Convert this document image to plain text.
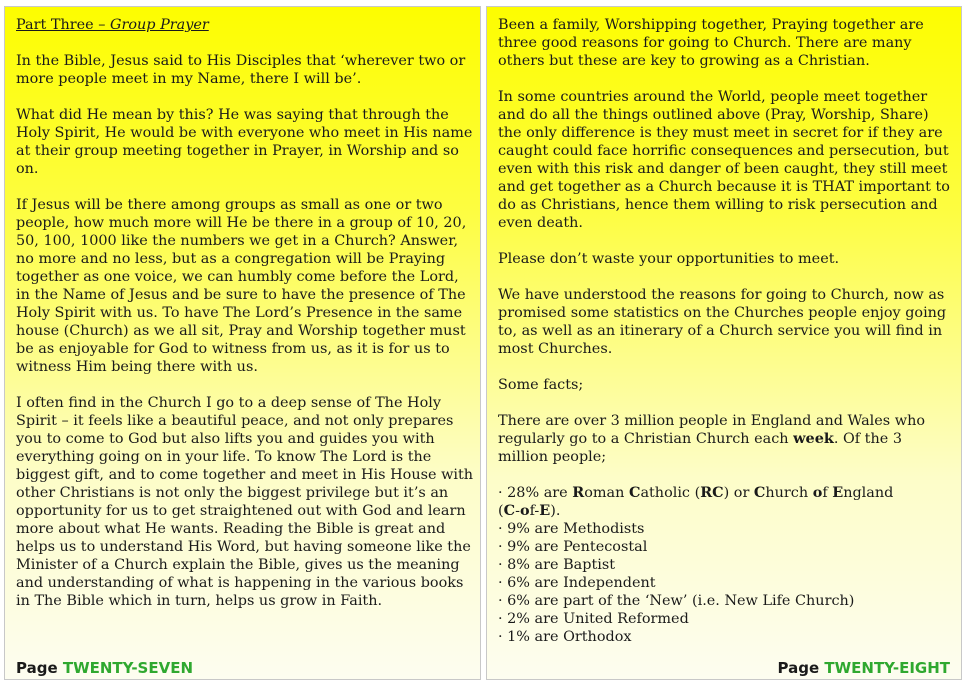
Part Three – Group Prayer

In the Bible, Jesus said to His Disciples that ‘wherever two or more people meet in my Name, there I will be’.

What did He mean by this? He was saying that through the Holy Spirit, He would be with everyone who meet in His name at their group meeting together in Prayer, in Worship and so on.

If Jesus will be there among groups as small as one or two people, how much more will He be there in a group of 10, 20, 50, 100, 1000 like the numbers we get in a Church? Answer, no more and no less, but as a congregation will be Praying together as one voice, we can humbly come before the Lord, in the Name of Jesus and be sure to have the presence of The Holy Spirit with us. To have The Lord’s Presence in the same house (Church) as we all sit, Pray and Worship together must be as enjoyable for God to witness from us, as it is for us to witness Him being there with us.

I often find in the Church I go to a deep sense of The Holy Spirit – it feels like a beautiful peace, and not only prepares you to come to God but also lifts you and guides you with everything going on in your life. To know The Lord is the biggest gift, and to come together and meet in His House with other Christians is not only the biggest privilege but it’s an opportunity for us to get straightened out with God and learn more about what He wants. Reading the Bible is great and helps us to understand His Word, but having someone like the Minister of a Church explain the Bible, gives us the meaning and understanding of what is happening in the various books in The Bible which in turn, helps us grow in Faith.

Page TWENTY-SEVEN

Been a family, Worshipping together, Praying together are three good reasons for going to Church. There are many others but these are key to growing as a Christian.

In some countries around the World, people meet together and do all the things outlined above (Pray, Worship, Share) the only difference is they must meet in secret for if they are caught could face horrific consequences and persecution, but even with this risk and danger of been caught, they still meet and get together as a Church because it is THAT important to do as Christians, hence them willing to risk persecution and even death.

Please don’t waste your opportunities to meet.

We have understood the reasons for going to Church, now as promised some statistics on the Churches people enjoy going to, as well as an itinerary of a Church service you will find in most Churches.

Some facts;

There are over 3 million people in England and Wales who regularly go to a Christian Church each week. Of the 3 million people;

· 28% are Roman Catholic (RC) or Church of England
(C-of-E).
· 9% are Methodists
· 9% are Pentecostal
· 8% are Baptist
· 6% are Independent
· 6% are part of the ‘New’ (i.e. New Life Church)
· 2% are United Reformed
· 1% are Orthodox
Page TWENTY-EIGHT
